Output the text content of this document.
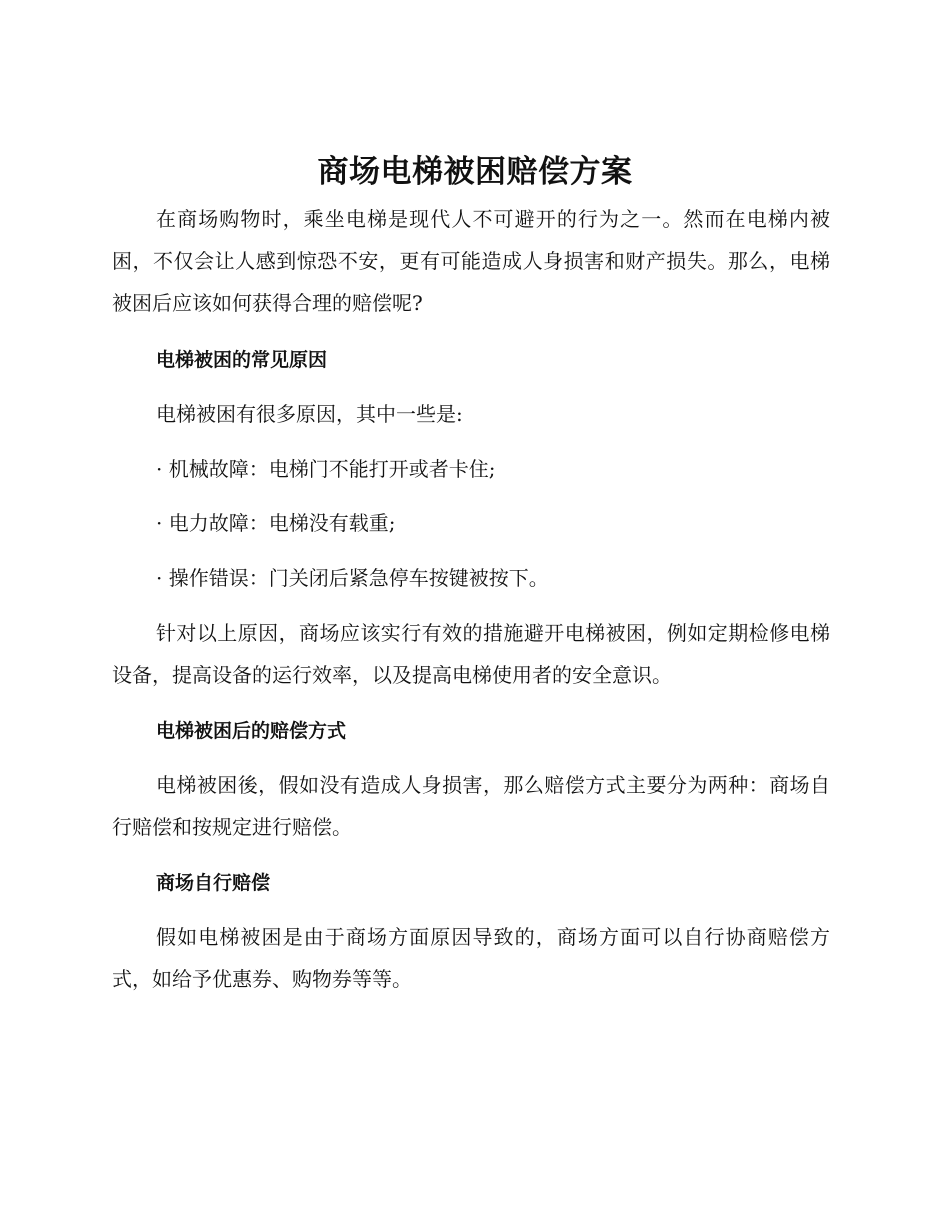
商场电梯被困赔偿方案

在商场购物时，乘坐电梯是现代人不可避开的行为之一。然而在电梯内被困，不仅会让人感到惊恐不安，更有可能造成人身损害和财产损失。那么，电梯被困后应该如何获得合理的赔偿呢?

电梯被困的常见原因

电梯被困有很多原因，其中一些是:

· 机械故障：电梯门不能打开或者卡住;

· 电力故障：电梯没有载重;

· 操作错误：门关闭后紧急停车按键被按下。

针对以上原因，商场应该实行有效的措施避开电梯被困，例如定期检修电梯设备，提高设备的运行效率，以及提高电梯使用者的安全意识。

电梯被困后的赔偿方式

电梯被困後，假如没有造成人身损害，那么赔偿方式主要分为两种：商场自行赔偿和按规定进行赔偿。

商场自行赔偿

假如电梯被困是由于商场方面原因导致的，商场方面可以自行协商赔偿方式，如给予优惠券、购物券等等。
